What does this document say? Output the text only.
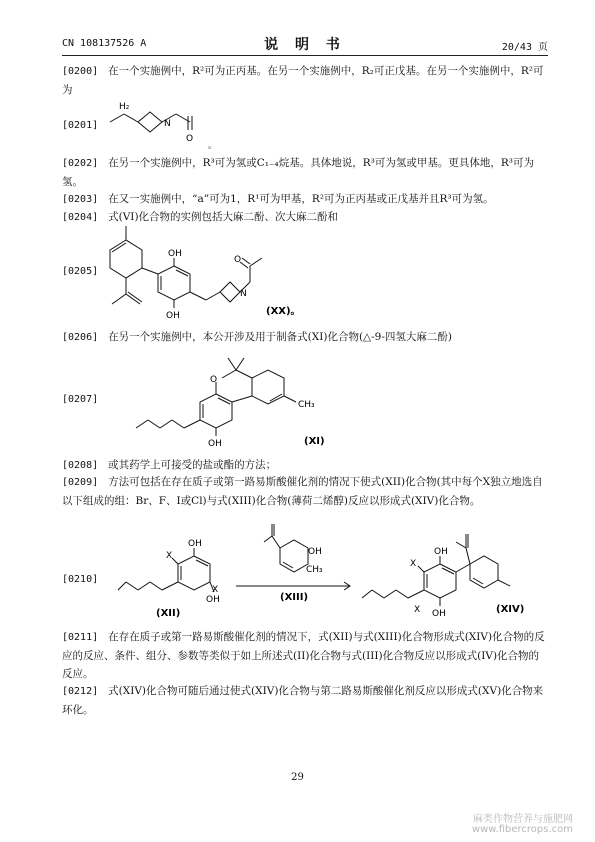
CN 108137526 A	说 明 书	20/43 页
[0200] 在一个实施例中，R²可为正丙基。在另一个实施例中，R₂可正戊基。在另一个实施例中，R²可为
[0201]
H₂
N
O
。
[0202] 在另一个实施例中，R³可为氢或C₁₋₄烷基。具体地说，R³可为氢或甲基。更具体地，R³可为氢。
[0203] 在又一实施例中，“a”可为1，R¹可为甲基，R²可为正丙基或正戊基并且R³可为氢。
[0204] 式(VI)化合物的实例包括大麻二酚、次大麻二酚和
[0205]
OH
OH
N
O
(XX)。
[0206] 在另一个实施例中，本公开涉及用于制备式(XI)化合物(△-9-四氢大麻二酚)
[0207]
O
CH₃
OH	(XI)
[0208] 或其药学上可接受的盐或酯的方法；
[0209] 方法可包括在存在质子或第一路易斯酸催化剂的情况下使式(XII)化合物(其中每个X独立地选自以下组成的组：Br、F、I或Cl)与式(XIII)化合物(薄荷二烯醇)反应以形成式(XIV)化合物。
[0210]
OH
OH
X
X
(XII)
OH
CH₃
(XIII)
OH
OH
X
X	(XIV)
[0211] 在存在质子或第一路易斯酸催化剂的情况下，式(XII)与式(XIII)化合物形成式(XIV)化合物的反应的反应、条件、组分、参数等类似于如上所述式(II)化合物与式(III)化合物反应以形成式(IV)化合物的反应。
[0212] 式(XIV)化合物可随后通过使式(XIV)化合物与第二路易斯酸催化剂反应以形成式(XV)化合物来环化。
29
麻类作物营养与施肥网
www.fibercrops.com
